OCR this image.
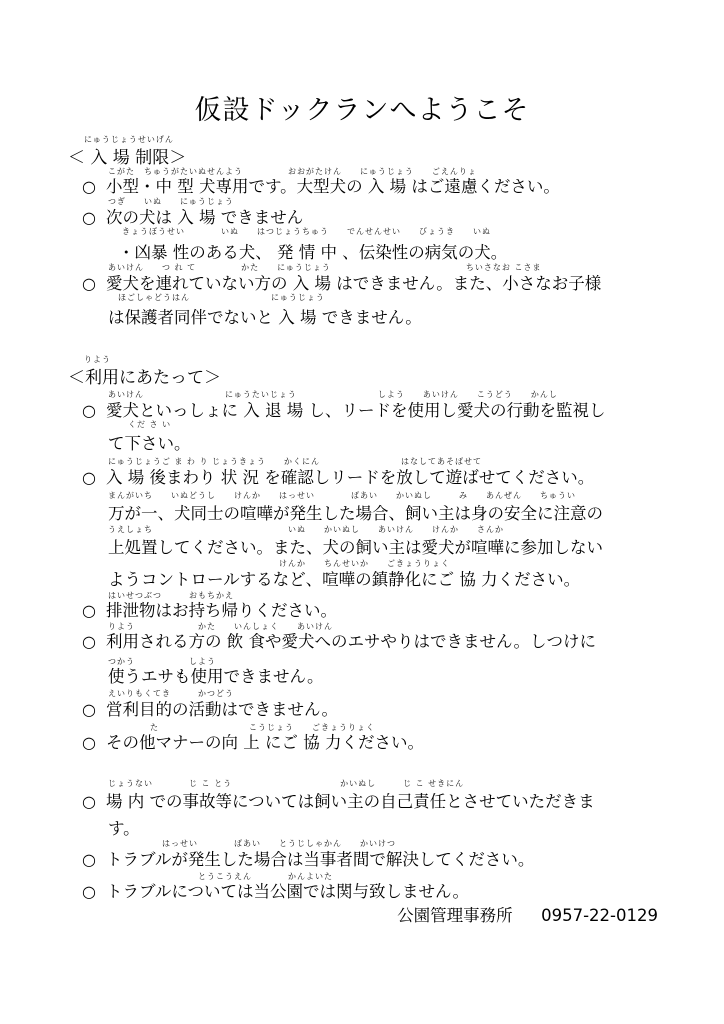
仮設ドックランへようこそ
にゅうじょうせいげん
＜ 入 場 制限＞
こがた　ちゅうがたいぬせんよう　　　　　おおがたけん　　にゅうじょう　　ごえんりょ
○ 小型・中 型 犬専用です。大型犬の 入 場 はご遠慮ください。
つぎ　　いぬ　　にゅうじょう
○ 次の犬は 入 場 できません
きょうぼうせい　　　　いぬ　　はつじょうちゅう　　でんせんせい　　びょうき　　いぬ
・凶暴 性のある犬、 発 情 中 、伝染性の病気の犬。
あいけん　　つ れ て　　　　　かた　　にゅうじょう　　　　　　　　　　　　　　　ちいさなお こさま
○ 愛犬を連れていない方の 入 場 はできません。また、小さなお子様
ほごしゃどうはん　　　　　　　　　にゅうじょう
は保護者同伴でないと 入 場 できません。
りよう
＜利用にあたって＞
あいけん　　　　　　　　　にゅうたいじょう　　　　　　　　　しよう　　あいけん　　こうどう　　かんし
○ 愛犬といっしょに 入 退 場 し、リードを使用し愛犬の行動を監視し
くだ さ い
て下さい。
にゅうじょうご ま わ り じょうきょう　　かくにん　　　　　　　　　はなしてあそばせて
○ 入 場 後まわり 状 況 を確認しリードを放して遊ばせてください。
まんがいち　　いぬどうし　　けんか　　はっせい　　　　ばあい　　かいぬし　　　み　　あんぜん　　ちゅうい
万が一、犬同士の喧嘩が発生した場合、飼い主は身の安全に注意の
うえしょち　　　　　　　　　　　　　　　いぬ　　かいぬし　　あいけん　　けんか　　さんか
上処置してください。また、犬の飼い主は愛犬が喧嘩に参加しない
　　　　　　　　　　　　　　　　　　　けんか　　ちんせいか　　ごきょうりょく
ようコントロールするなど、喧嘩の鎮静化にご 協 力ください。
はいせつぶつ　　　おもちかえ
○ 排泄物はお持ち帰りください。
りよう　　　　　　　かた　　いんしょく　　あいけん
○ 利用される方の 飲 食や愛犬へのエサやりはできません。しつけに
つかう　　　　　　しよう
使うエサも使用できません。
えいりもくてき　　　かつどう
○ 営利目的の活動はできません。
た　　　　　　　　　　こうじょう　　ごきょうりょく
○ その他マナーの向 上 にご 協 力ください。
じょうない　　　　じ こ とう　　　　　　　　　　　　かいぬし　　　じ こ せきにん
○ 場 内 での事故等については飼い主の自己責任とさせていただきま
す。
　　　　　　はっせい　　　　ばあい　　とうじしゃかん　　かいけつ
○ トラブルが発生した場合は当事者間で解決してください。
　　　　　　　　　　とうこうえん　　　　かんよいた
○ トラブルについては当公園では関与致しません。
公園管理事務所 0957-22-0129
